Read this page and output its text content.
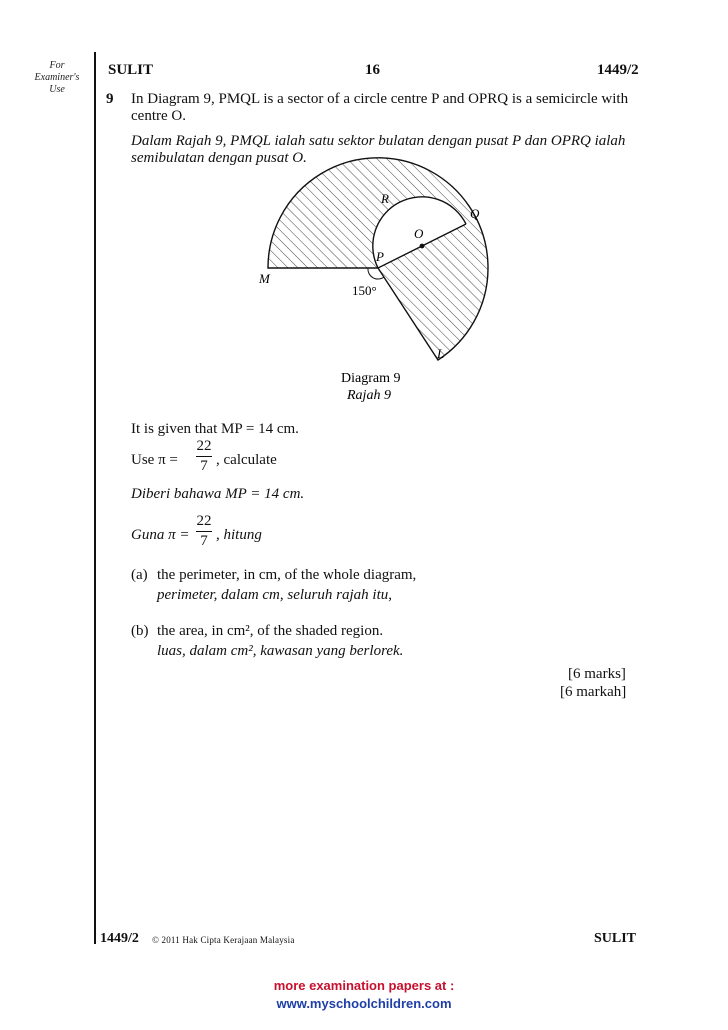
For
Examiner's
Use
SULIT	16	1449/2
9 In Diagram 9, PMQL is a sector of a circle centre P and OPRQ is a semicircle with
centre O.
Dalam Rajah 9, PMQL ialah satu sektor bulatan dengan pusat P dan OPRQ ialah
semibulatan dengan pusat O.
R
Q
O
P
M
L
150°
Diagram 9
Rajah 9
It is given that MP = 14 cm.
Use π =
22
7 , calculate
Diberi bahawa MP = 14 cm.
Guna π =
22
7 , hitung
(a) the perimeter, in cm, of the whole diagram,
perimeter, dalam cm, seluruh rajah itu,
(b) the area, in cm², of the shaded region.
luas, dalam cm², kawasan yang berlorek.
[6 marks]
[6 markah]
1449/2 © 2011 Hak Cipta Kerajaan Malaysia	SULIT
more examination papers at :
www.myschoolchildren.com
